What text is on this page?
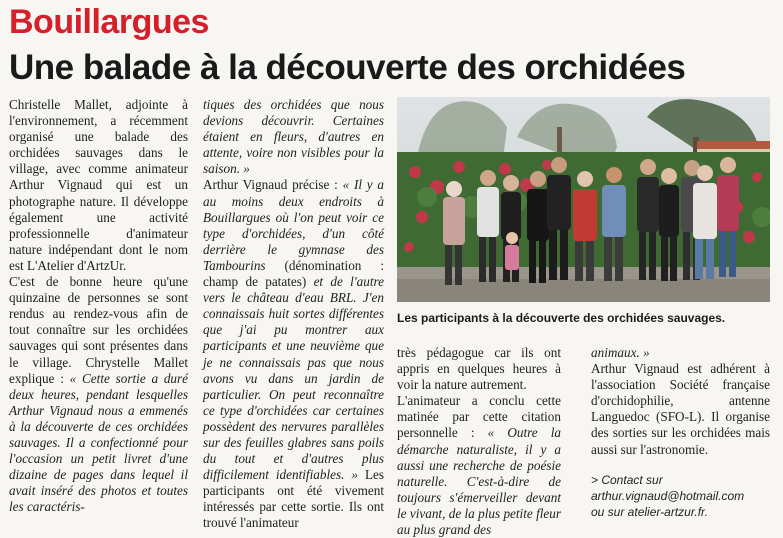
Bouillargues
Une balade à la découverte des orchidées

Christelle Mallet, adjointe à l'environnement, a récemment organisé une balade des orchidées sauvages dans le village, avec comme animateur Arthur Vignaud qui est un photographe nature. Il développe également une activité professionnelle d'animateur nature indépendant dont le nom est L'Atelier d'ArtzUr.

C'est de bonne heure qu'une quinzaine de personnes se sont rendus au rendez-vous afin de tout connaître sur les orchidées sauvages qui sont présentes dans le village. Chrystelle Mallet explique : « Cette sortie a duré deux heures, pendant lesquelles Arthur Vignaud nous a emmenés à la découverte de ces orchidées sauvages. Il a confectionné pour l'occasion un petit livret d'une dizaine de pages dans lequel il avait inséré des photos et toutes les caractéris-

tiques des orchidées que nous devions découvrir. Certaines étaient en fleurs, d'autres en attente, voire non visibles pour la saison. »

Arthur Vignaud précise : « Il y a au moins deux endroits à Bouillargues où l'on peut voir ce type d'orchidées, d'un côté derrière le gymnase des Tambourins (dénomination : champ de patates) et de l'autre vers le château d'eau BRL. J'en connaissais huit sortes différentes que j'ai pu montrer aux participants et une neuvième que je ne connaissais pas que nous avons vu dans un jardin de particulier. On peut reconnaître ce type d'orchidées car certaines possèdent des nervures parallèles sur des feuilles glabres sans poils du tout et d'autres plus difficilement identifiables. » Les participants ont été vivement intéressés par cette sortie. Ils ont trouvé l'animateur

Les participants à la découverte des orchidées sauvages.

très pédagogue car ils ont appris en quelques heures à voir la nature autrement.

L'animateur a conclu cette matinée par cette citation personnelle : « Outre la démarche naturaliste, il y a aussi une recherche de poésie naturelle. C'est-à-dire de toujours s'émerveiller devant le vivant, de la plus petite fleur au plus grand des

animaux. »

Arthur Vignaud est adhérent à l'association Société française d'orchidophilie, antenne Languedoc (SFO-L). Il organise des sorties sur les orchidées mais aussi sur l'astronomie.

> Contact sur
arthur.vignaud@hotmail.com
ou sur atelier-artzur.fr.
